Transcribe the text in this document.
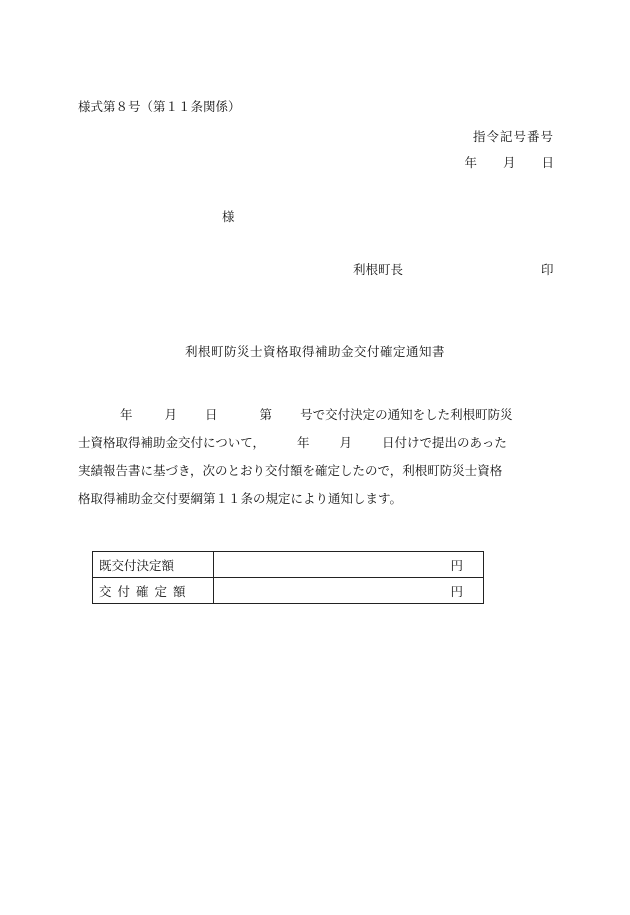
様式第８号（第１１条関係）
指令記号番号
年 月 日
様
利根町長	印
利根町防災士資格取得補助金交付確定通知書
年	月 日	第 号で交付決定の通知をした利根町防災
士資格取得補助金交付について，	年 月 日付けで提出のあった
実績報告書に基づき，次のとおり交付額を確定したので，利根町防災士資格
格取得補助金交付要綱第１１条の規定により通知します。
既交付決定額	円
交付確定額	円
